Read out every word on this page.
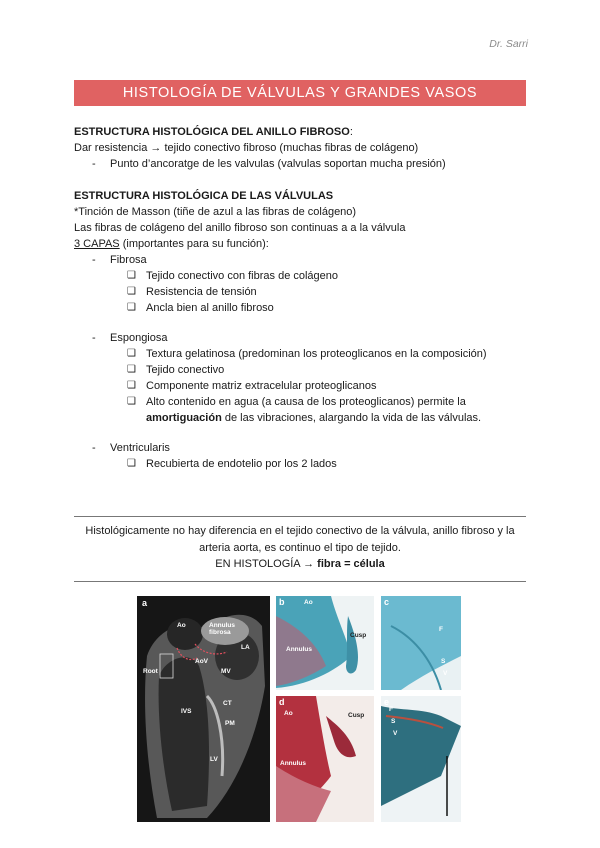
Dr. Sarri
HISTOLOGÍA DE VÁLVULAS Y GRANDES VASOS
ESTRUCTURA HISTOLÓGICA DEL ANILLO FIBROSO:
Dar resistencia → tejido conectivo fibroso (muchas fibras de colágeno)
- Punto d’ancoratge de les valvulas (valvulas soportan mucha presión)
ESTRUCTURA HISTOLÓGICA DE LAS VÁLVULAS
*Tinción de Masson (tiñe de azul a las fibras de colágeno)
Las fibras de colágeno del anillo fibroso son continuas a a la válvula
3 CAPAS (importantes para su función):
- Fibrosa
❑ Tejido conectivo con fibras de colágeno
❑ Resistencia de tensión
❑ Ancla bien al anillo fibroso
- Espongiosa
❑ Textura gelatinosa (predominan los proteoglicanos en la composición)
❑ Tejido conectivo
❑ Componente matriz extracelular proteoglicanos
❑ Alto contenido en agua (a causa de los proteoglicanos) permite la
amortiguación de las vibraciones, alargando la vida de las válvulas.
- Ventricularis
❑ Recubierta de endotelio por los 2 lados
Histológicamente no hay diferencia en el tejido conectivo de la válvula, anillo fibroso y la
arteria aorta, es continuo el tipo de tejido.
EN HISTOLOGÍA → fibra = célula
a
Ao	Annulus fibrosa
LA
AoV
MV
Root
IVS
CT
PM
LV
b	Ao
Annulus
Cusp
c
F
S
V
d
Ao	Cusp
Annulus
e
F
S
V
